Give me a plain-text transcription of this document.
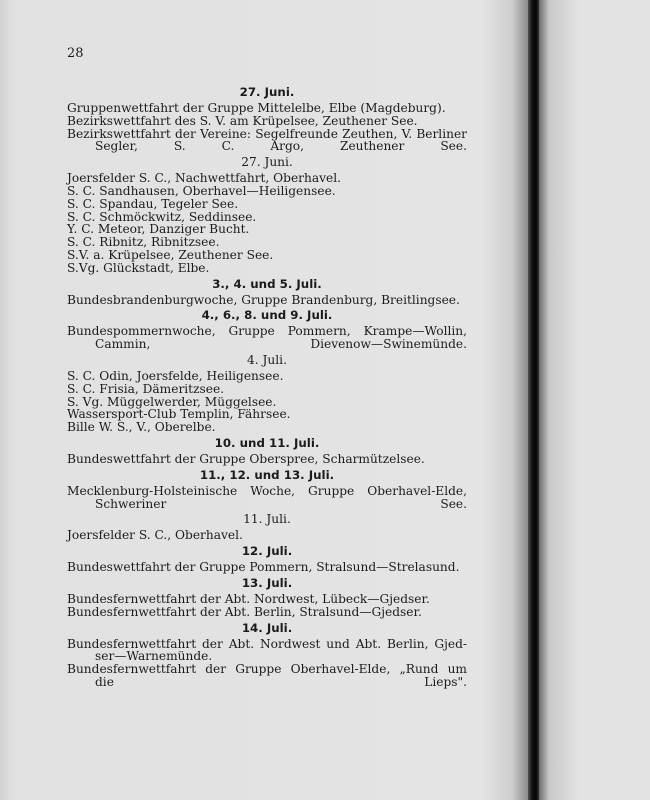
28
27. Juni.
Gruppenwettfahrt der Gruppe Mittelelbe, Elbe (Magdeburg).
Bezirkswettfahrt des S. V. am Krüpelsee, Zeuthener See.
Bezirkswettfahrt der Vereine: Segelfreunde Zeuthen, V. Berliner
Segler, S. C. Argo, Zeuthener See.
27. Juni.
Joersfelder S. C., Nachwettfahrt, Oberhavel.
S. C. Sandhausen, Oberhavel—Heiligensee.
S. C. Spandau, Tegeler See.
S. C. Schmöckwitz, Seddinsee.
Y. C. Meteor, Danziger Bucht.
S. C. Ribnitz, Ribnitzsee.
S.V. a. Krüpelsee, Zeuthener See.
S.Vg. Glückstadt, Elbe.
3., 4. und 5. Juli.
Bundesbrandenburgwoche, Gruppe Brandenburg, Breitlingsee.
4., 6., 8. und 9. Juli.
Bundespommernwoche, Gruppe Pommern, Krampe—Wollin,
Cammin, Dievenow—Swinemünde.
4. Juli.
S. C. Odin, Joersfelde, Heiligensee.
S. C. Frisia, Dämeritzsee.
S. Vg. Müggelwerder, Müggelsee.
Wassersport-Club Templin, Fährsee.
Bille W. S., V., Oberelbe.
10. und 11. Juli.
Bundeswettfahrt der Gruppe Oberspree, Scharmützelsee.
11., 12. und 13. Juli.
Mecklenburg-Holsteinische Woche, Gruppe Oberhavel-Elde,
Schweriner See.
11. Juli.
Joersfelder S. C., Oberhavel.
12. Juli.
Bundeswettfahrt der Gruppe Pommern, Stralsund—Strelasund.
13. Juli.
Bundesfernwettfahrt der Abt. Nordwest, Lübeck—Gjedser.
Bundesfernwettfahrt der Abt. Berlin, Stralsund—Gjedser.
14. Juli.
Bundesfernwettfahrt der Abt. Nordwest und Abt. Berlin, Gjed-
ser—Warnemünde.
Bundesfernwettfahrt der Gruppe Oberhavel-Elde, „Rund um
die Lieps".
